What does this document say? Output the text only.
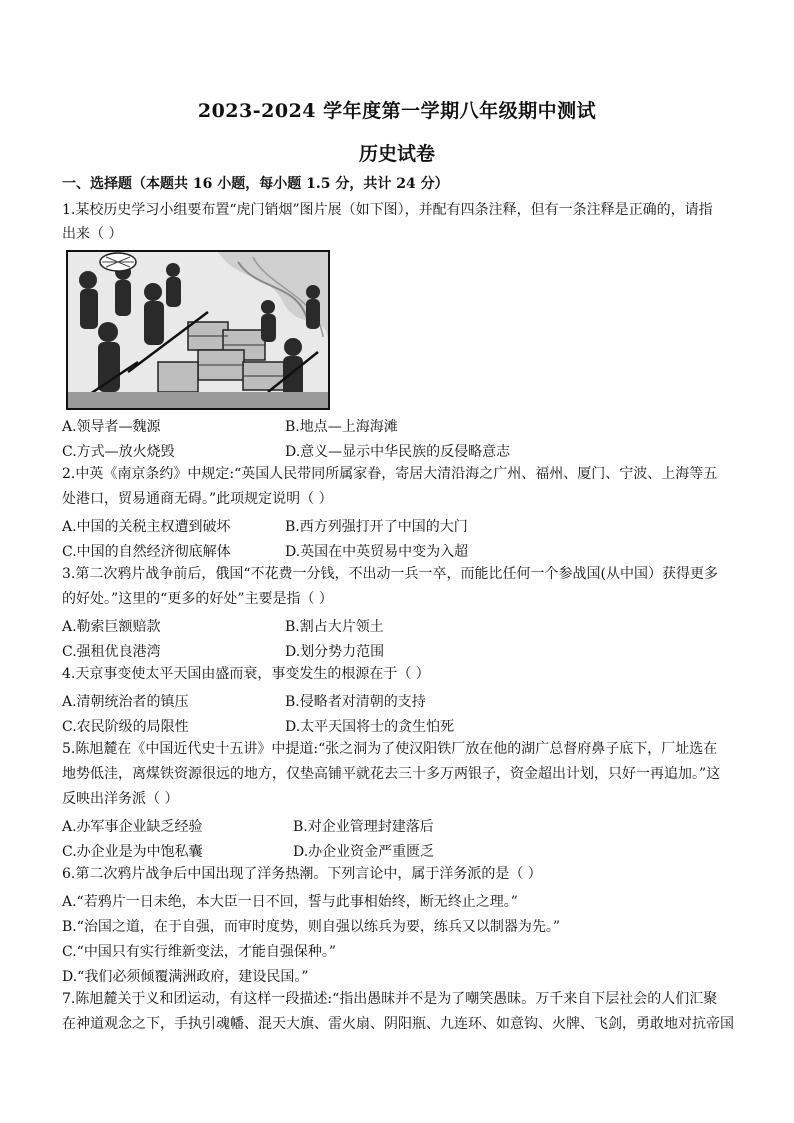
2023-2024 学年度第一学期八年级期中测试
历史试卷
一、选择题（本题共 16 小题，每小题 1.5 分，共计 24 分）
1.某校历史学习小组要布置“虎门销烟”图片展（如下图），并配有四条注释，但有一条注释是正确的，请指
出来（ ）
A.领导者—魏源	B.地点—上海海滩
C.方式—放火烧毁	D.意义—显示中华民族的反侵略意志
2.中英《南京条约》中规定:“英国人民带同所属家眷，寄居大清沿海之广州、福州、厦门、宁波、上海等五
处港口，贸易通商无碍。”此项规定说明（ ）
A.中国的关税主权遭到破坏	B.西方列强打开了中国的大门
C.中国的自然经济彻底解体	D.英国在中英贸易中变为入超
3.第二次鸦片战争前后，俄国“不花费一分钱，不出动一兵一卒，而能比任何一个参战国(从中国）获得更多
的好处。”这里的“更多的好处”主要是指（ ）
A.勒索巨额赔款	B.割占大片领土
C.强租优良港湾	D.划分势力范围
4.天京事变使太平天国由盛而衰，事变发生的根源在于（ ）
A.清朝统治者的镇压	B.侵略者对清朝的支持
C.农民阶级的局限性	D.太平天国将士的贪生怕死
5.陈旭麓在《中国近代史十五讲》中提道:“张之洞为了使汉阳铁厂放在他的湖广总督府鼻子底下，厂址选在
地势低洼，离煤铁资源很远的地方，仅垫高铺平就花去三十多万两银子，资金超出计划，只好一再追加。”这
反映出洋务派（ ）
A.办军事企业缺乏经验	B.对企业管理封建落后
C.办企业是为中饱私囊	D.办企业资金严重匮乏
6.第二次鸦片战争后中国出现了洋务热潮。下列言论中，属于洋务派的是（ ）
A.“若鸦片一日未绝，本大臣一日不回，誓与此事相始终，断无终止之理。”
B.“治国之道，在于自强，而审时度势，则自强以练兵为要，练兵又以制器为先。”
C.“中国只有实行维新变法，才能自强保种。”
D.“我们必须倾覆满洲政府，建设民国。”
7.陈旭麓关于义和团运动，有这样一段描述:“指出愚昧并不是为了嘲笑愚昧。万千来自下层社会的人们汇聚
在神道观念之下，手执引魂幡、混天大旗、雷火扇、阴阳瓶、九连环、如意钩、火牌、飞剑，勇敢地对抗帝国
